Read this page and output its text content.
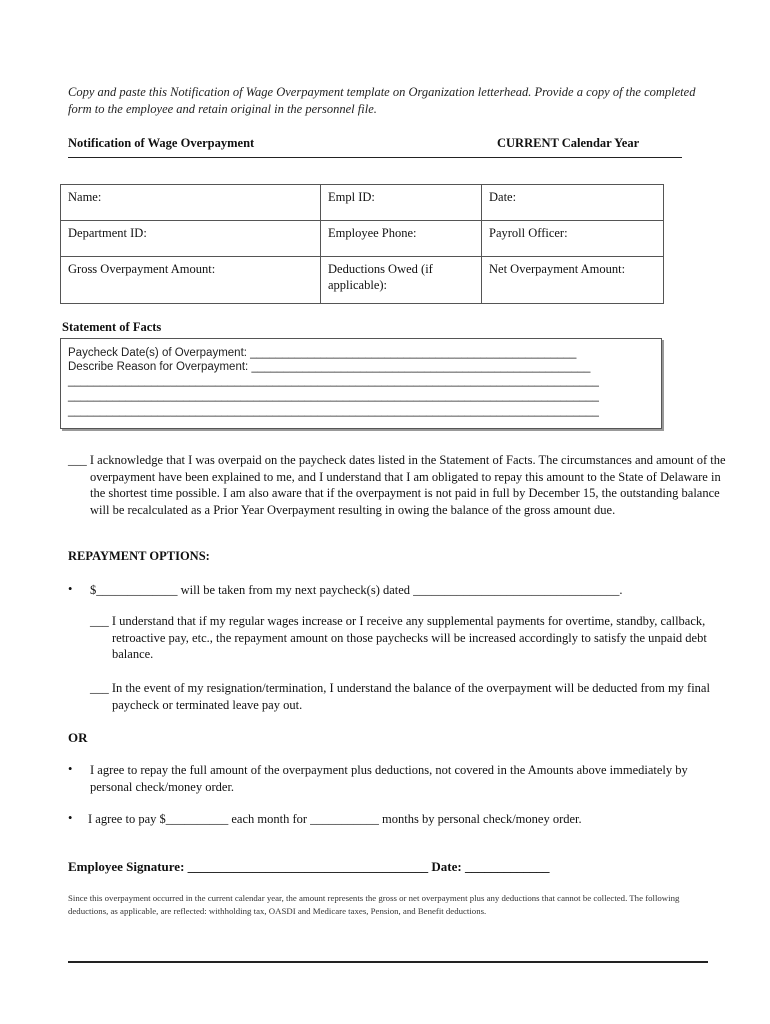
Copy and paste this Notification of Wage Overpayment template on Organization letterhead. Provide a copy of the completed form to the employee and retain original in the personnel file.
Notification of Wage Overpayment	CURRENT Calendar Year
Name:	Empl ID:	Date:
Department ID:	Employee Phone:	Payroll Officer:
Gross Overpayment Amount:	Deductions Owed (if applicable):	Net Overpayment Amount:
Statement of Facts
Paycheck Date(s) of Overpayment: ___________________________________________________
Describe Reason for Overpayment: _____________________________________________________
___________________________________________________________________________________
___________________________________________________________________________________
___________________________________________________________________________________
___ I acknowledge that I was overpaid on the paycheck dates listed in the Statement of Facts. The circumstances and amount of the overpayment have been explained to me, and I understand that I am obligated to repay this amount to the State of Delaware in the shortest time possible. I am also aware that if the overpayment is not paid in full by December 15, the outstanding balance will be recalculated as a Prior Year Overpayment resulting in owing the balance of the gross amount due.
REPAYMENT OPTIONS:
• $_____________ will be taken from my next paycheck(s) dated _________________________________.
___ I understand that if my regular wages increase or I receive any supplemental payments for overtime, standby, callback, retroactive pay, etc., the repayment amount on those paychecks will be increased accordingly to satisfy the unpaid debt balance.
___ In the event of my resignation/termination, I understand the balance of the overpayment will be deducted from my final paycheck or terminated leave pay out.
OR
• I agree to repay the full amount of the overpayment plus deductions, not covered in the Amounts above immediately by personal check/money order.
• I agree to pay $__________ each month for ___________ months by personal check/money order.
Employee Signature: _____________________________________ Date: _____________
Since this overpayment occurred in the current calendar year, the amount represents the gross or net overpayment plus any deductions that cannot be collected. The following deductions, as applicable, are reflected: withholding tax, OASDI and Medicare taxes, Pension, and Benefit deductions.
